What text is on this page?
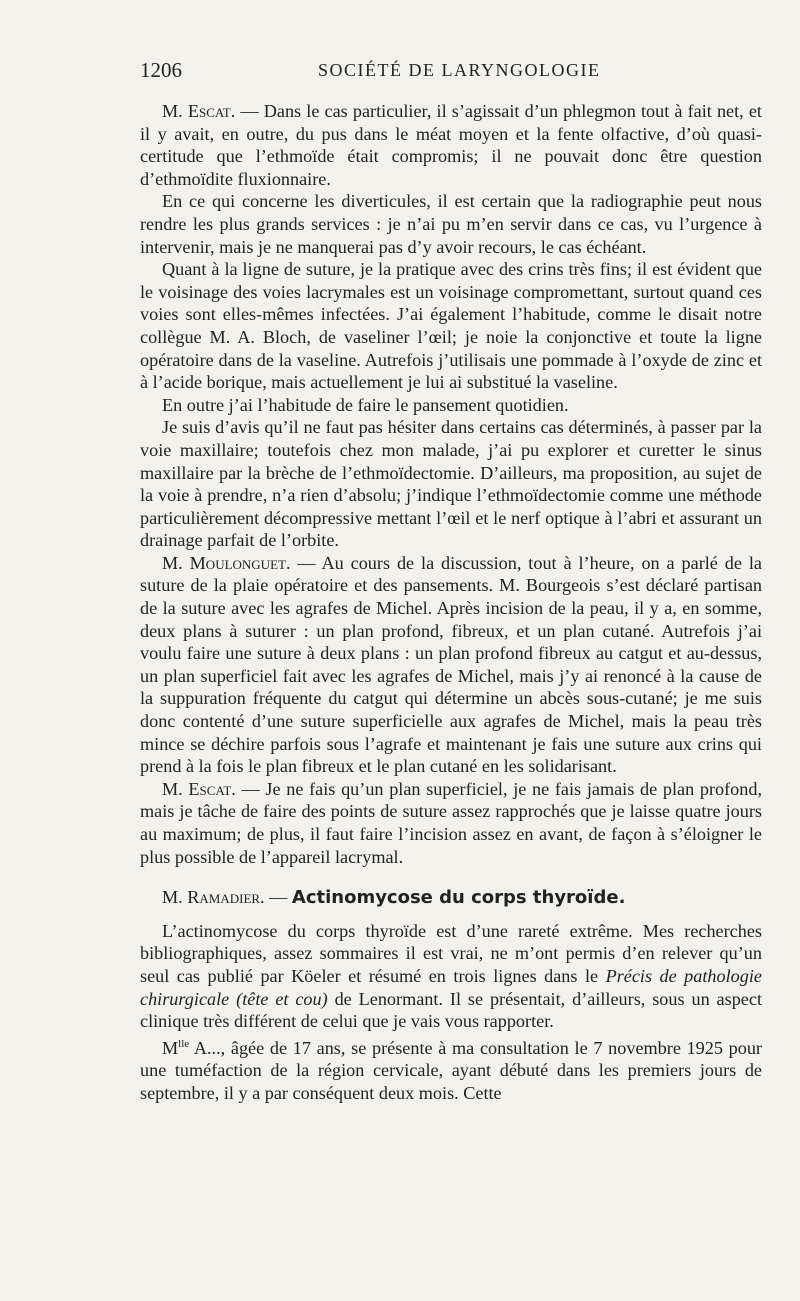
1206	SOCIÉTÉ DE LARYNGOLOGIE

M. Escat. — Dans le cas particulier, il s’agissait d’un phlegmon tout à fait net, et il y avait, en outre, du pus dans le méat moyen et la fente olfactive, d’où quasi-certitude que l’ethmoïde était compromis; il ne pouvait donc être question d’ethmoïdite fluxionnaire.

En ce qui concerne les diverticules, il est certain que la radiographie peut nous rendre les plus grands services : je n’ai pu m’en servir dans ce cas, vu l’urgence à intervenir, mais je ne manquerai pas d’y avoir recours, le cas échéant.

Quant à la ligne de suture, je la pratique avec des crins très fins; il est évident que le voisinage des voies lacrymales est un voisinage compromettant, surtout quand ces voies sont elles-mêmes infectées. J’ai également l’habitude, comme le disait notre collègue M. A. Bloch, de vaseliner l’œil; je noie la conjonctive et toute la ligne opératoire dans de la vaseline. Autrefois j’utilisais une pommade à l’oxyde de zinc et à l’acide borique, mais actuellement je lui ai substitué la vaseline.

En outre j’ai l’habitude de faire le pansement quotidien.

Je suis d’avis qu’il ne faut pas hésiter dans certains cas déterminés, à passer par la voie maxillaire; toutefois chez mon malade, j’ai pu explorer et curetter le sinus maxillaire par la brèche de l’ethmoïdectomie. D’ailleurs, ma proposition, au sujet de la voie à prendre, n’a rien d’absolu; j’indique l’ethmoïdectomie comme une méthode particulièrement décompressive mettant l’œil et le nerf optique à l’abri et assurant un drainage parfait de l’orbite.

M. Moulonguet. — Au cours de la discussion, tout à l’heure, on a parlé de la suture de la plaie opératoire et des pansements. M. Bourgeois s’est déclaré partisan de la suture avec les agrafes de Michel. Après incision de la peau, il y a, en somme, deux plans à suturer : un plan profond, fibreux, et un plan cutané. Autrefois j’ai voulu faire une suture à deux plans : un plan profond fibreux au catgut et au-dessus, un plan superficiel fait avec les agrafes de Michel, mais j’y ai renoncé à la cause de la suppuration fréquente du catgut qui détermine un abcès sous-cutané; je me suis donc contenté d’une suture superficielle aux agrafes de Michel, mais la peau très mince se déchire parfois sous l’agrafe et maintenant je fais une suture aux crins qui prend à la fois le plan fibreux et le plan cutané en les solidarisant.

M. Escat. — Je ne fais qu’un plan superficiel, je ne fais jamais de plan profond, mais je tâche de faire des points de suture assez rapprochés que je laisse quatre jours au maximum; de plus, il faut faire l’incision assez en avant, de façon à s’éloigner le plus possible de l’appareil lacrymal.

M. Ramadier. — Actinomycose du corps thyroïde.

L’actinomycose du corps thyroïde est d’une rareté extrême. Mes recherches bibliographiques, assez sommaires il est vrai, ne m’ont permis d’en relever qu’un seul cas publié par Köeler et résumé en trois lignes dans le Précis de pathologie chirurgicale (tête et cou) de Lenormant. Il se présentait, d’ailleurs, sous un aspect clinique très différent de celui que je vais vous rapporter.

$M^{lle}$ A..., âgée de 17 ans, se présente à ma consultation le 7 novembre 1925 pour une tuméfaction de la région cervicale, ayant débuté dans les premiers jours de septembre, il y a par conséquent deux mois. Cette
